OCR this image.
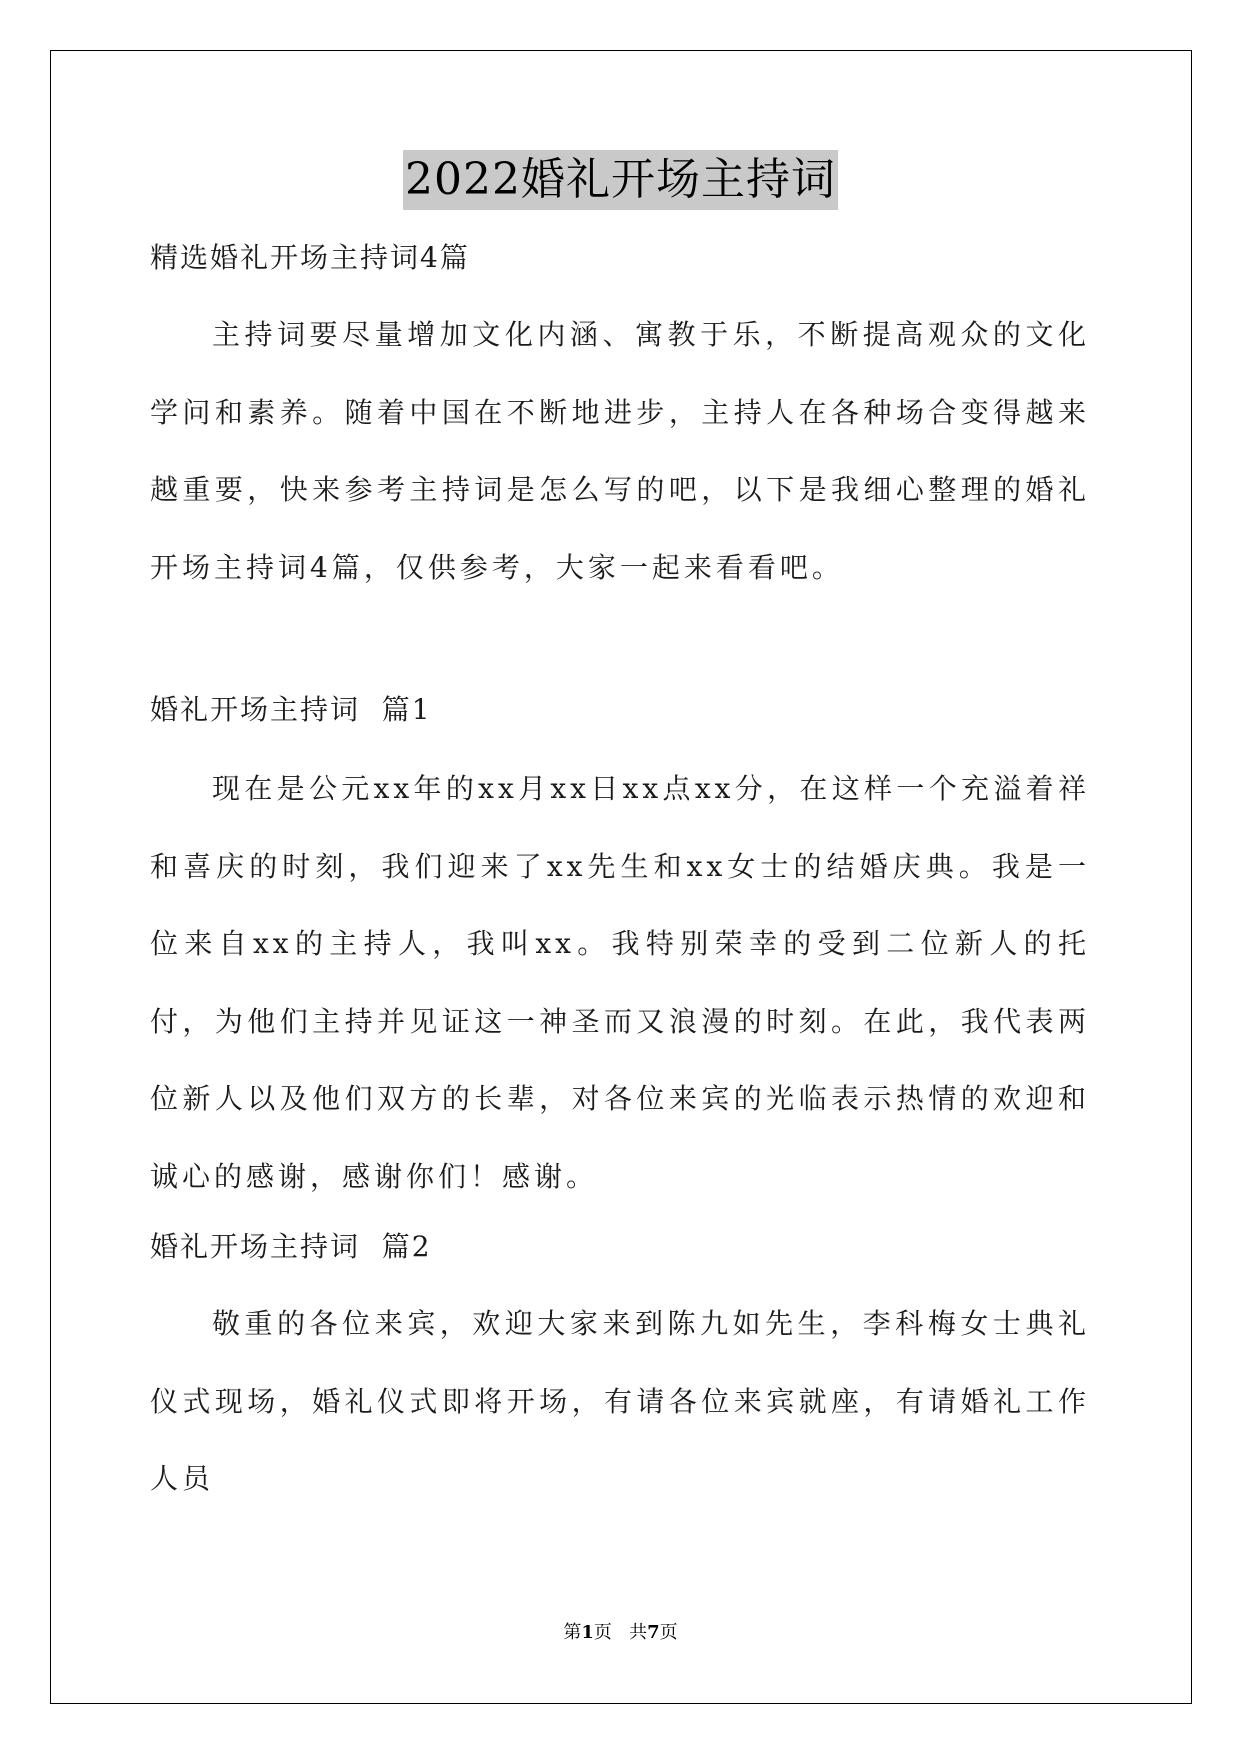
2022婚礼开场主持词

精选婚礼开场主持词4篇

主持词要尽量增加文化内涵、寓教于乐，不断提高观众的文化学问和素养。随着中国在不断地进步，主持人在各种场合变得越来越重要，快来参考主持词是怎么写的吧，以下是我细心整理的婚礼开场主持词4篇，仅供参考，大家一起来看看吧。

婚礼开场主持词  篇1

现在是公元xx年的xx月xx日xx点xx分，在这样一个充溢着祥和喜庆的时刻，我们迎来了xx先生和xx女士的结婚庆典。我是一位来自xx的主持人，我叫xx。我特别荣幸的受到二位新人的托付，为他们主持并见证这一神圣而又浪漫的时刻。在此，我代表两位新人以及他们双方的长辈，对各位来宾的光临表示热情的欢迎和诚心的感谢，感谢你们！感谢。

婚礼开场主持词  篇2

敬重的各位来宾，欢迎大家来到陈九如先生，李科梅女士典礼仪式现场，婚礼仪式即将开场，有请各位来宾就座，有请婚礼工作人员

第1页 共7页
